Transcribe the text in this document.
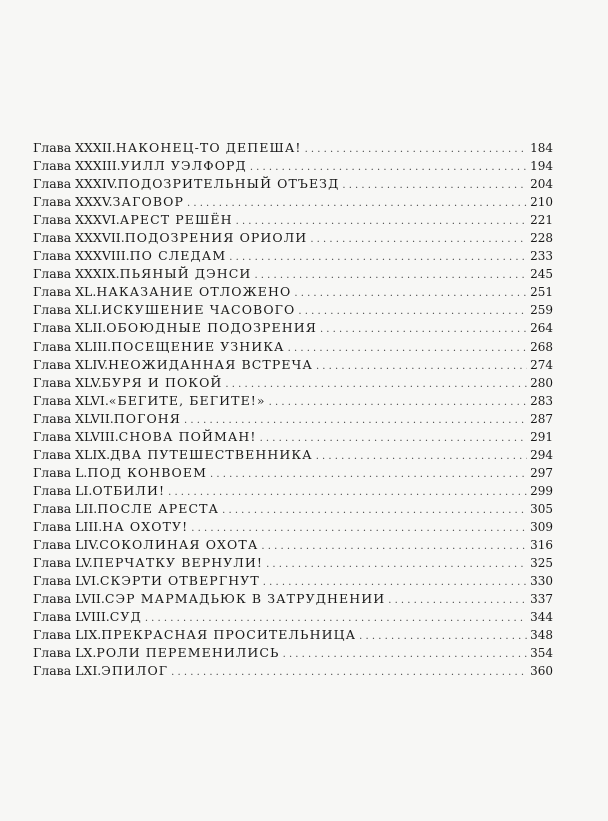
Глава XXXII. НАКОНЕЦ-ТО ДЕПЕША! . . .	184
Глава XXXIII. УИЛЛ УЭЛФОРД . . .	194
Глава XXXIV. ПОДОЗРИТЕЛЬНЫЙ ОТЪЕЗД . . .	204
Глава XXXV. ЗАГОВОР . . .	210
Глава XXXVI. АРЕСТ РЕШЁН . . .	221
Глава XXXVII. ПОДОЗРЕНИЯ ОРИОЛИ . . .	228
Глава XXXVIII. ПО СЛЕДАМ . . .	233
Глава XXXIX. ПЬЯНЫЙ ДЭНСИ . . .	245
Глава XL. НАКАЗАНИЕ ОТЛОЖЕНО . . .	251
Глава XLI. ИСКУШЕНИЕ ЧАСОВОГО . . .	259
Глава XLII. ОБОЮДНЫЕ ПОДОЗРЕНИЯ . . .	264
Глава XLIII. ПОСЕЩЕНИЕ УЗНИКА . . .	268
Глава XLIV. НЕОЖИДАННАЯ ВСТРЕЧА . . .	274
Глава XLV. БУРЯ И ПОКОЙ . . .	280
Глава XLVI. «БЕГИТЕ, БЕГИТЕ!» . . .	283
Глава XLVII. ПОГОНЯ . . .	287
Глава XLVIII. СНОВА ПОЙМАН! . . .	291
Глава XLIX. ДВА ПУТЕШЕСТВЕННИКА . . .	294
Глава L. ПОД КОНВОЕМ . . .	297
Глава LI. ОТБИЛИ! . . .	299
Глава LII. ПОСЛЕ АРЕСТА . . .	305
Глава LIII. НА ОХОТУ! . . .	309
Глава LIV. СОКОЛИНАЯ ОХОТА . . .	316
Глава LV. ПЕРЧАТКУ ВЕРНУЛИ! . . .	325
Глава LVI. СКЭРТИ ОТВЕРГНУТ . . .	330
Глава LVII. СЭР МАРМАДЬЮК В ЗАТРУДНЕНИИ . . .	337
Глава LVIII. СУД . . .	344
Глава LIX. ПРЕКРАСНАЯ ПРОСИТЕЛЬНИЦА . . .	348
Глава LX. РОЛИ ПЕРЕМЕНИЛИСЬ . . .	354
Глава LXI. ЭПИЛОГ . . .	360
